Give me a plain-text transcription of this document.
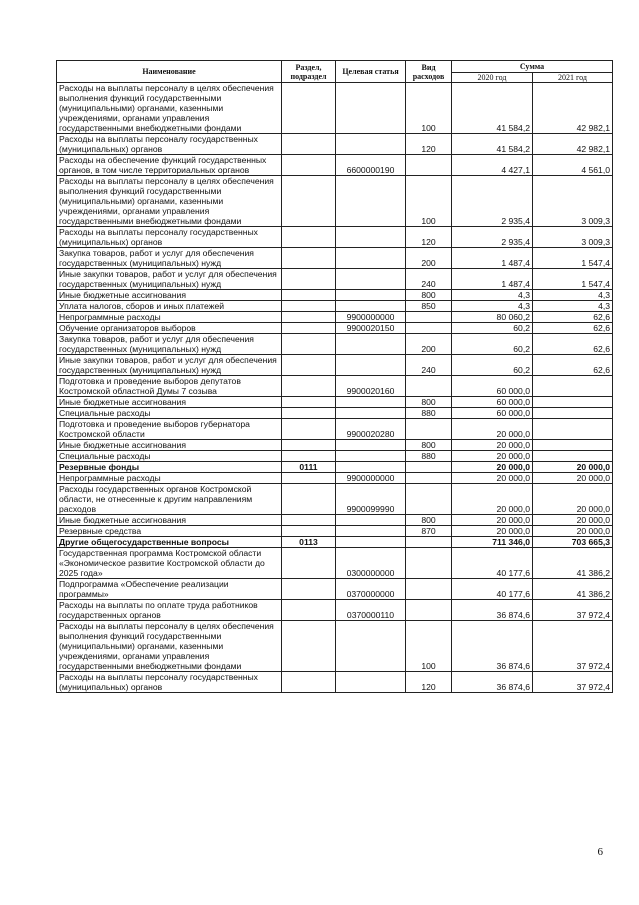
Наименование	Раздел, подраздел	Целевая статья	Вид расходов	Сумма	
				2020 год	2021 год
Расходы на выплаты персоналу в целях обеспечения выполнения функций государственными (муниципальными) органами, казенными учреждениями, органами управления государственными внебюджетными фондами			100	41 584,2	42 982,1
Расходы на выплаты персоналу государственных (муниципальных) органов			120	41 584,2	42 982,1
Расходы на обеспечение функций государственных органов, в том числе территориальных органов		6600000190		4 427,1	4 561,0
Расходы на выплаты персоналу в целях обеспечения выполнения функций государственными (муниципальными) органами, казенными учреждениями, органами управления государственными внебюджетными фондами			100	2 935,4	3 009,3
Расходы на выплаты персоналу государственных (муниципальных) органов			120	2 935,4	3 009,3
Закупка товаров, работ и услуг для обеспечения государственных (муниципальных) нужд			200	1 487,4	1 547,4
Иные закупки товаров, работ и услуг для обеспечения государственных (муниципальных) нужд			240	1 487,4	1 547,4
Иные бюджетные ассигнования			800	4,3	4,3
Уплата налогов, сборов и иных платежей			850	4,3	4,3
Непрограммные расходы		9900000000		80 060,2	62,6
Обучение организаторов выборов		9900020150		60,2	62,6
Закупка товаров, работ и услуг для обеспечения государственных (муниципальных) нужд			200	60,2	62,6
Иные закупки товаров, работ и услуг для обеспечения государственных (муниципальных) нужд			240	60,2	62,6
Подготовка и проведение выборов депутатов Костромской областной Думы 7 созыва		9900020160		60 000,0	
Иные бюджетные ассигнования			800	60 000,0	
Специальные расходы			880	60 000,0	
Подготовка и проведение выборов губернатора Костромской области		9900020280		20 000,0	
Иные бюджетные ассигнования			800	20 000,0	
Специальные расходы			880	20 000,0	
Резервные фонды	0111			20 000,0	20 000,0
Непрограммные расходы		9900000000		20 000,0	20 000,0
Расходы государственных органов Костромской области, не отнесенные к другим направлениям расходов		9900099990		20 000,0	20 000,0
Иные бюджетные ассигнования			800	20 000,0	20 000,0
Резервные средства			870	20 000,0	20 000,0
Другие общегосударственные вопросы	0113			711 346,0	703 665,3
Государственная программа Костромской области «Экономическое развитие Костромской области до 2025 года»		0300000000		40 177,6	41 386,2
Подпрограмма «Обеспечение реализации программы»		0370000000		40 177,6	41 386,2
Расходы на выплаты по оплате труда работников государственных органов		0370000110		36 874,6	37 972,4
Расходы на выплаты персоналу в целях обеспечения выполнения функций государственными (муниципальными) органами, казенными учреждениями, органами управления государственными внебюджетными фондами			100	36 874,6	37 972,4
Расходы на выплаты персоналу государственных (муниципальных) органов			120	36 874,6	37 972,4
6
